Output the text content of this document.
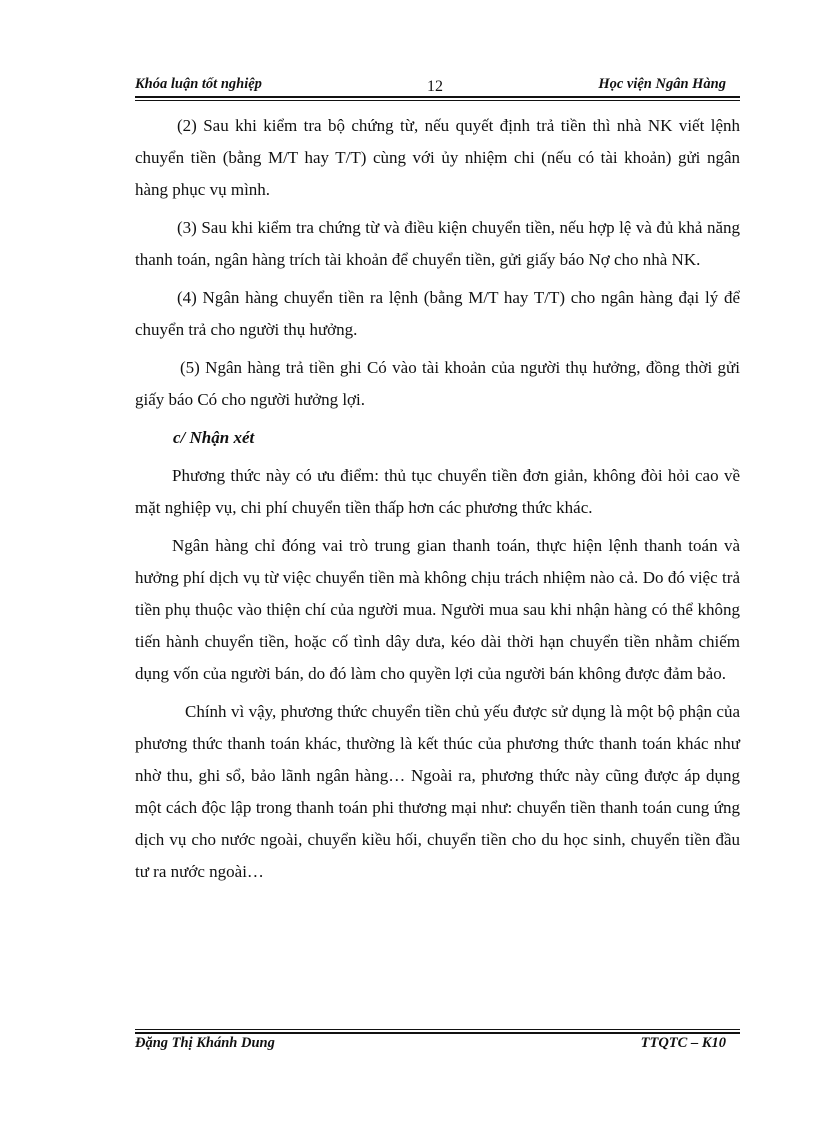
Khóa luận tốt nghiệp	12	Học viện Ngân Hàng

(2) Sau khi kiểm tra bộ chứng từ, nếu quyết định trả tiền thì nhà NK viết lệnh chuyển tiền (bằng M/T hay T/T) cùng với ủy nhiệm chi (nếu có tài khoản) gửi ngân hàng phục vụ mình.

(3) Sau khi kiểm tra chứng từ và điều kiện chuyển tiền, nếu hợp lệ và đủ khả năng thanh toán, ngân hàng trích tài khoản để chuyển tiền, gửi giấy báo Nợ cho nhà NK.

(4) Ngân hàng chuyển tiền ra lệnh (bằng M/T hay T/T) cho ngân hàng đại lý để chuyển trả cho người thụ hưởng.

(5) Ngân hàng trả tiền ghi Có vào tài khoản của người thụ hưởng, đồng thời gửi giấy báo Có cho người hưởng lợi.

c/ Nhận xét

Phương thức này có ưu điểm: thủ tục chuyển tiền đơn giản, không đòi hỏi cao về mặt nghiệp vụ, chi phí chuyển tiền thấp hơn các phương thức khác.

Ngân hàng chỉ đóng vai trò trung gian thanh toán, thực hiện lệnh thanh toán và hưởng phí dịch vụ từ việc chuyển tiền mà không chịu trách nhiệm nào cả. Do đó việc trả tiền phụ thuộc vào thiện chí của người mua. Người mua sau khi nhận hàng có thể không tiến hành chuyển tiền, hoặc cố tình dây dưa, kéo dài thời hạn chuyển tiền nhằm chiếm dụng vốn của người bán, do đó làm cho quyền lợi của người bán không được đảm bảo.

Chính vì vậy, phương thức chuyển tiền chủ yếu được sử dụng là một bộ phận của phương thức thanh toán khác, thường là kết thúc của phương thức thanh toán khác như nhờ thu, ghi sổ, bảo lãnh ngân hàng… Ngoài ra, phương thức này cũng được áp dụng một cách độc lập trong thanh toán phi thương mại như: chuyển tiền thanh toán cung ứng dịch vụ cho nước ngoài, chuyển kiều hối, chuyển tiền cho du học sinh, chuyển tiền đầu tư ra nước ngoài…

Đặng Thị Khánh Dung	TTQTC – K10
